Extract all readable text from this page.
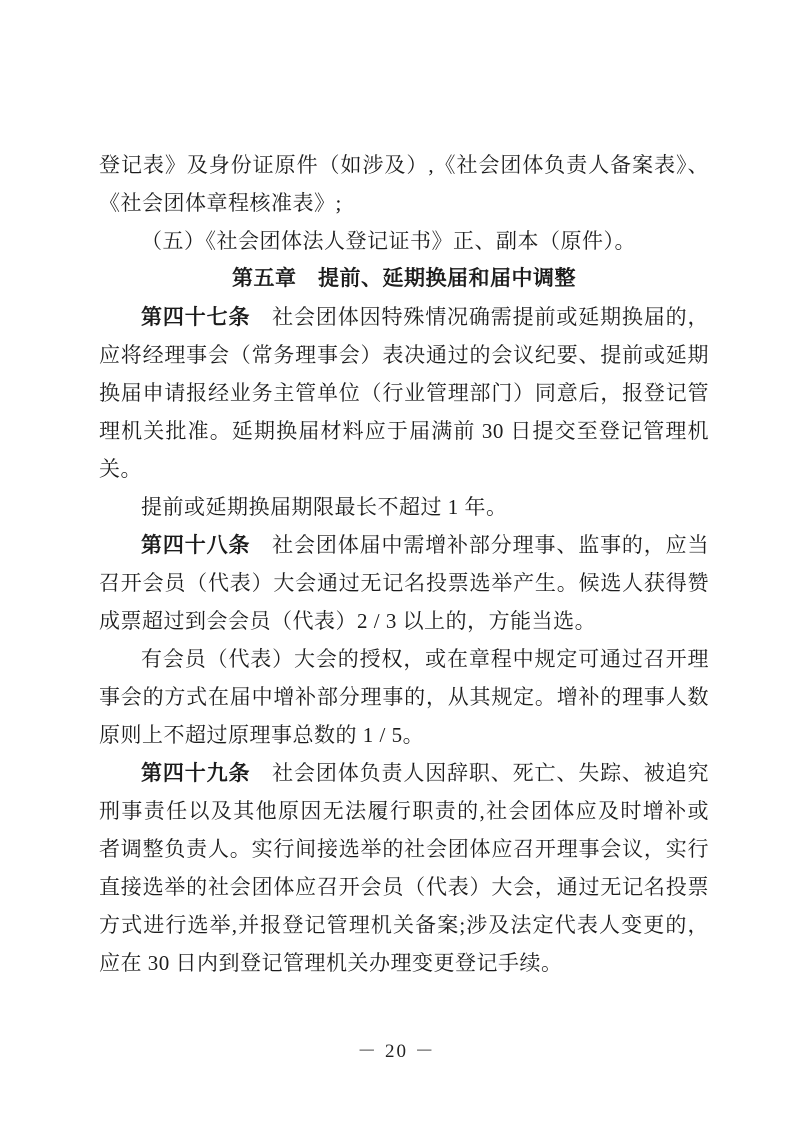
登记表》及身份证原件（如涉及）,《社会团体负责人备案表》、
《社会团体章程核准表》;
（五）《社会团体法人登记证书》正、副本（原件）。
第五章　提前、延期换届和届中调整
第四十七条　社会团体因特殊情况确需提前或延期换届的，
应将经理事会（常务理事会）表决通过的会议纪要、提前或延期
换届申请报经业务主管单位（行业管理部门）同意后，报登记管
理机关批准。延期换届材料应于届满前 30 日提交至登记管理机
关。
提前或延期换届期限最长不超过 1 年。
第四十八条　社会团体届中需增补部分理事、监事的，应当
召开会员（代表）大会通过无记名投票选举产生。候选人获得赞
成票超过到会会员（代表）2 / 3 以上的，方能当选。
有会员（代表）大会的授权，或在章程中规定可通过召开理
事会的方式在届中增补部分理事的，从其规定。增补的理事人数
原则上不超过原理事总数的 1 / 5。
第四十九条　社会团体负责人因辞职、死亡、失踪、被追究
刑事责任以及其他原因无法履行职责的,社会团体应及时增补或
者调整负责人。实行间接选举的社会团体应召开理事会议，实行
直接选举的社会团体应召开会员（代表）大会，通过无记名投票
方式进行选举,并报登记管理机关备案;涉及法定代表人变更的，
应在 30 日内到登记管理机关办理变更登记手续。
－ 20 －
